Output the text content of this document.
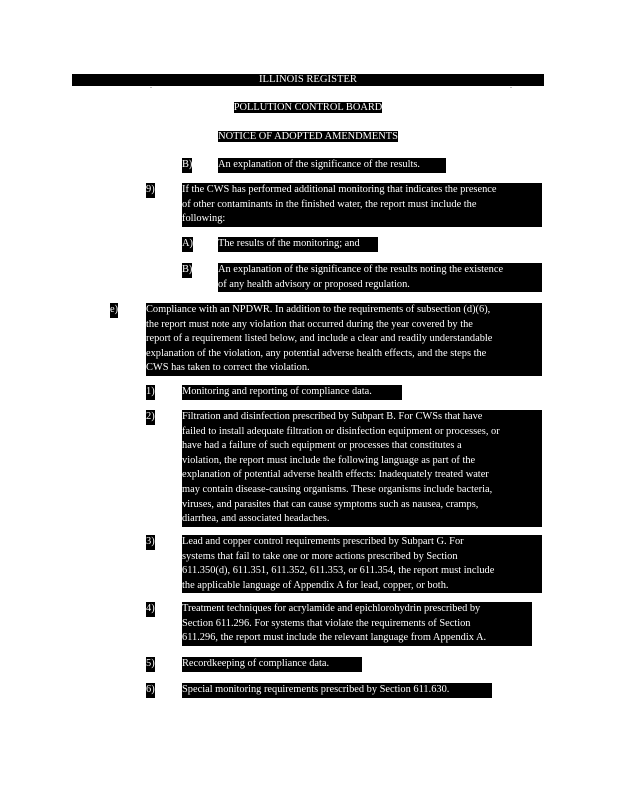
ILLINOIS REGISTER
POLLUTION CONTROL BOARD
NOTICE OF ADOPTED AMENDMENTS
B) An explanation of the significance of the results.
9)	If the CWS has performed additional monitoring that indicates the presence
of other contaminants in the finished water, the report must include the
following:
A) The results of the monitoring; and
B) An explanation of the significance of the results noting the existence
of any health advisory or proposed regulation.
e)	Compliance with an NPDWR. In addition to the requirements of subsection (d)(6),
the report must note any violation that occurred during the year covered by the
report of a requirement listed below, and include a clear and readily understandable
explanation of the violation, any potential adverse health effects, and the steps the
CWS has taken to correct the violation.
1)	Monitoring and reporting of compliance data.
2)	Filtration and disinfection prescribed by Subpart B. For CWSs that have
failed to install adequate filtration or disinfection equipment or processes, or
have had a failure of such equipment or processes that constitutes a
violation, the report must include the following language as part of the
explanation of potential adverse health effects: Inadequately treated water
may contain disease-causing organisms. These organisms include bacteria,
viruses, and parasites that can cause symptoms such as nausea, cramps,
diarrhea, and associated headaches.
3)	Lead and copper control requirements prescribed by Subpart G. For
systems that fail to take one or more actions prescribed by Section
611.350(d), 611.351, 611.352, 611.353, or 611.354, the report must include
the applicable language of Appendix A for lead, copper, or both.
4)	Treatment techniques for acrylamide and epichlorohydrin prescribed by
Section 611.296. For systems that violate the requirements of Section
611.296, the report must include the relevant language from Appendix A.
5)	Recordkeeping of compliance data.
6)	Special monitoring requirements prescribed by Section 611.630.
